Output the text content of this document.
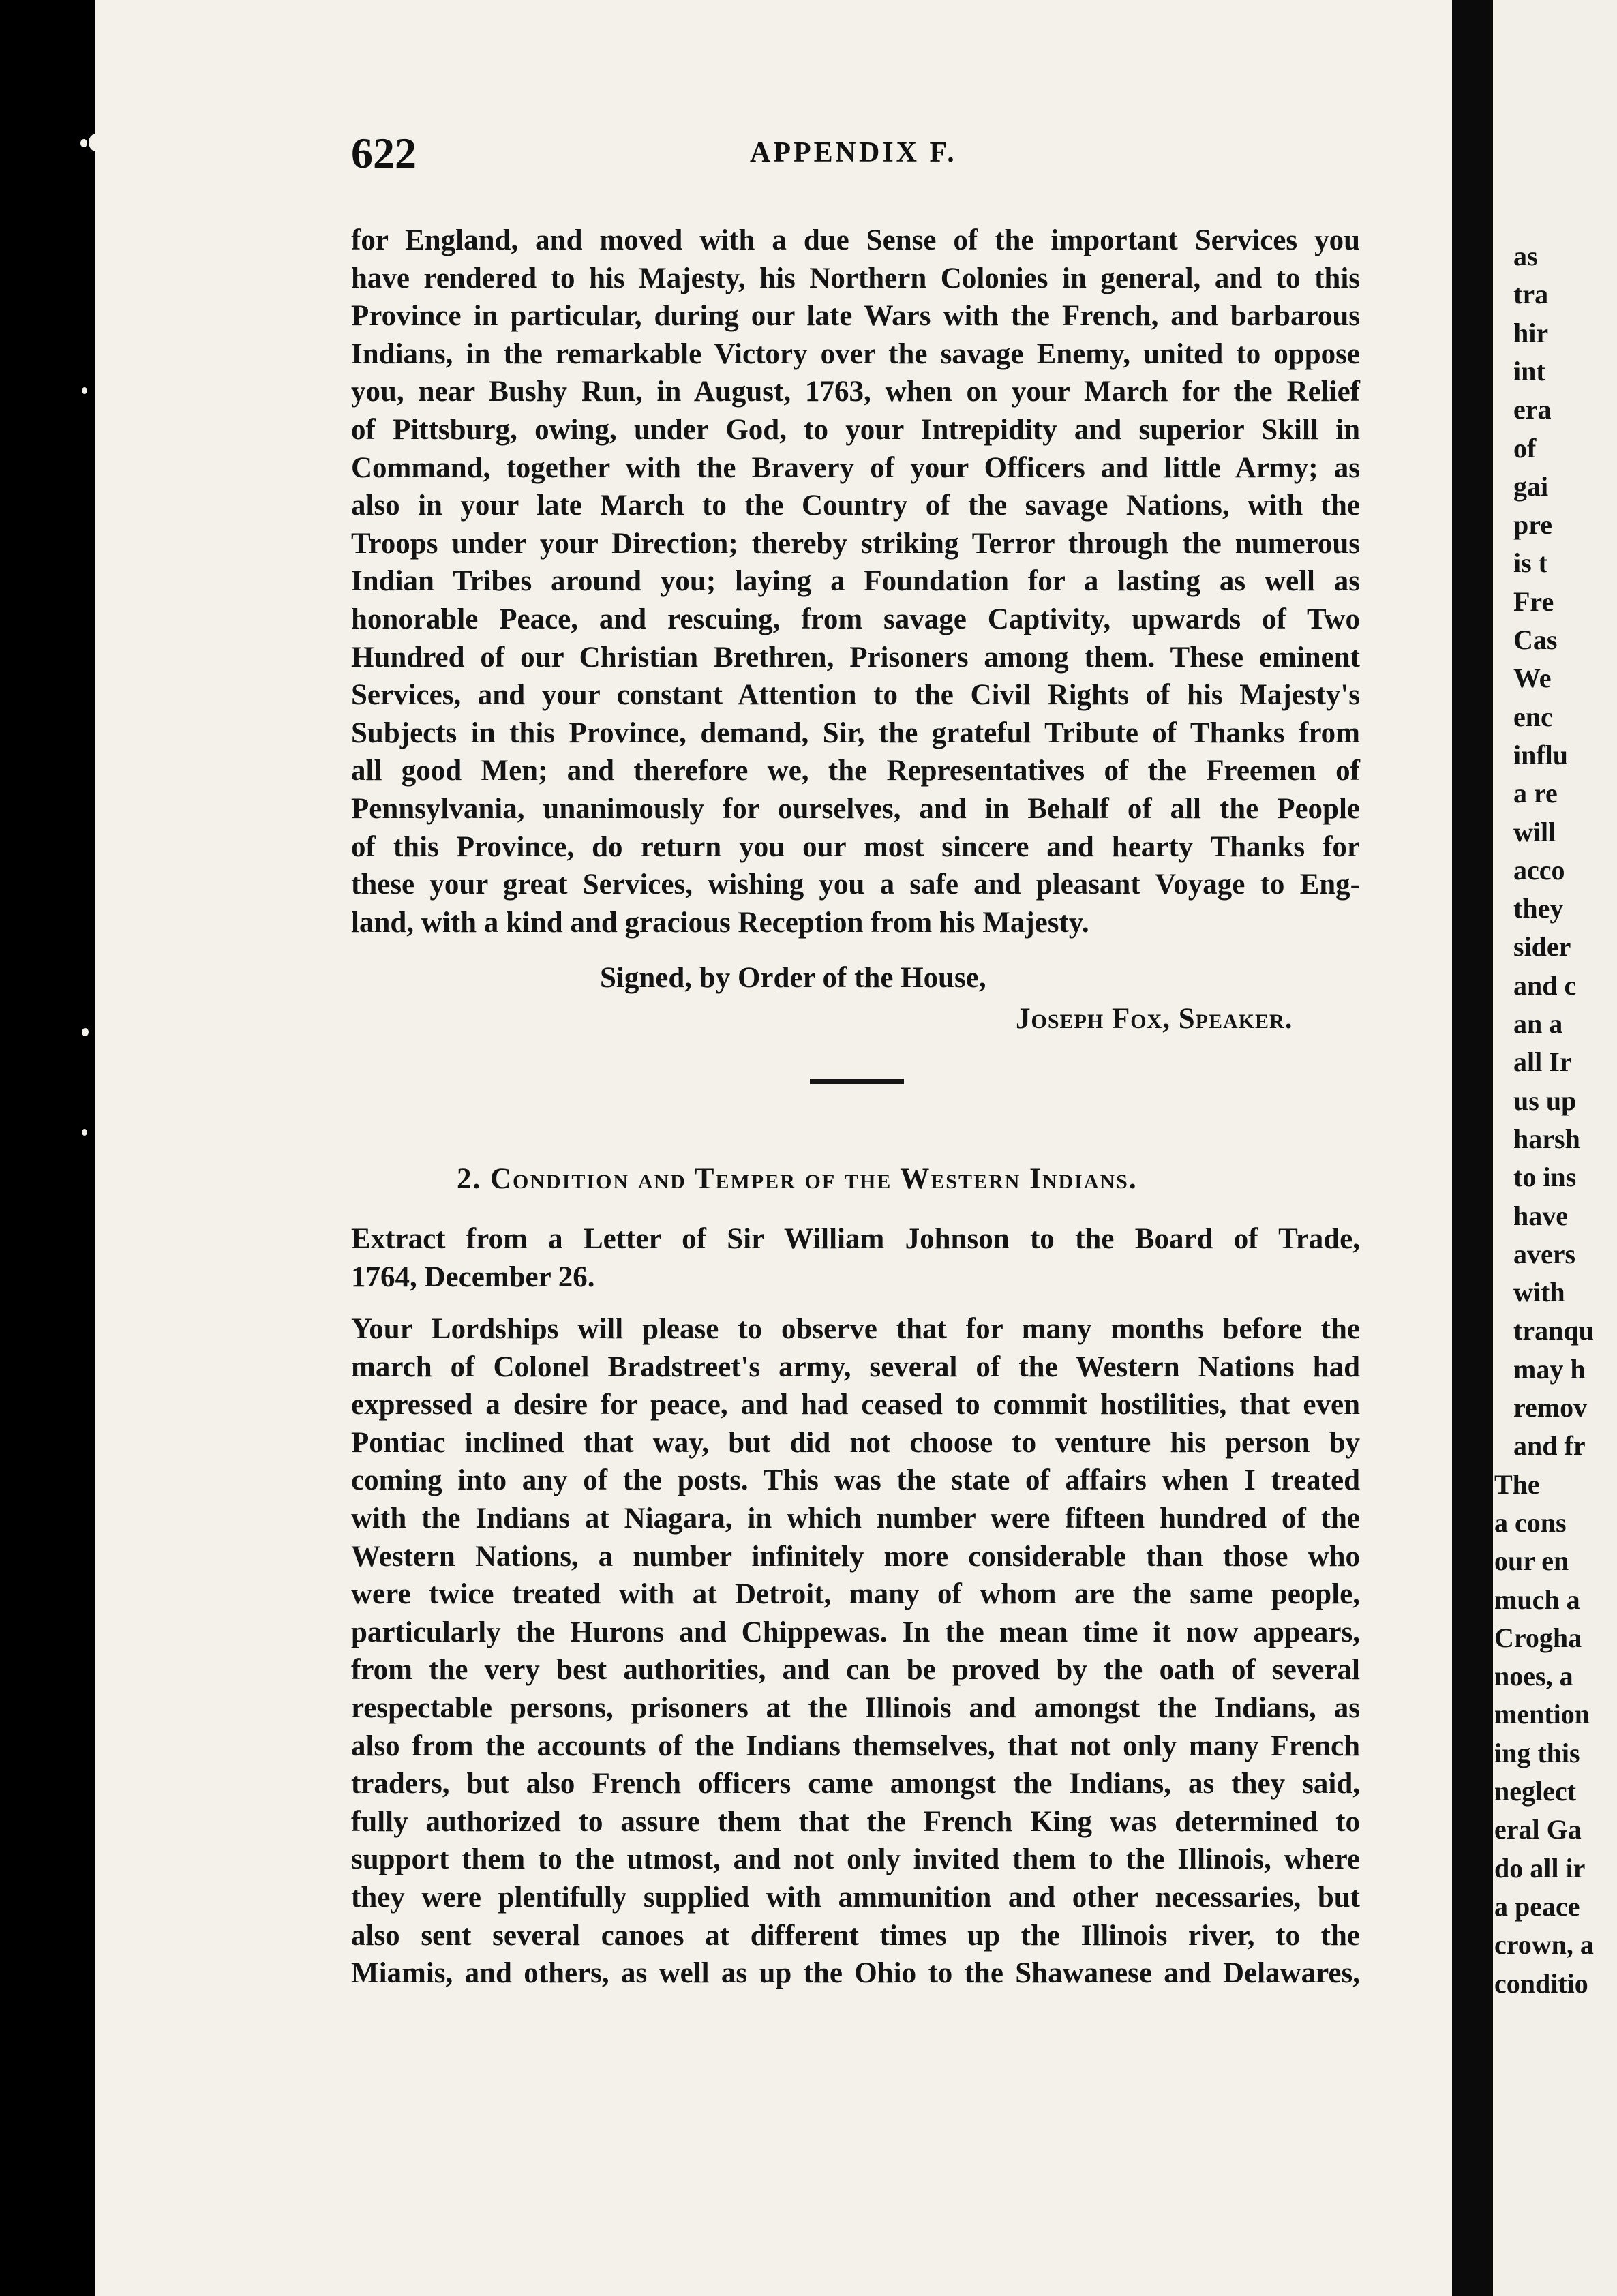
622	APPENDIX F.
for England, and moved with a due Sense of the important Services you
have rendered to his Majesty, his Northern Colonies in general, and to this
Province in particular, during our late Wars with the French, and barbarous
Indians, in the remarkable Victory over the savage Enemy, united to oppose
you, near Bushy Run, in August, 1763, when on your March for the Relief
of Pittsburg, owing, under God, to your Intrepidity and superior Skill in
Command, together with the Bravery of your Officers and little Army; as
also in your late March to the Country of the savage Nations, with the
Troops under your Direction; thereby striking Terror through the numerous
Indian Tribes around you; laying a Foundation for a lasting as well as
honorable Peace, and rescuing, from savage Captivity, upwards of Two
Hundred of our Christian Brethren, Prisoners among them. These eminent
Services, and your constant Attention to the Civil Rights of his Majesty's
Subjects in this Province, demand, Sir, the grateful Tribute of Thanks from
all good Men; and therefore we, the Representatives of the Freemen of
Pennsylvania, unanimously for ourselves, and in Behalf of all the People
of this Province, do return you our most sincere and hearty Thanks for
these your great Services, wishing you a safe and pleasant Voyage to Eng-
land, with a kind and gracious Reception from his Majesty.
Signed, by Order of the House,
Joseph Fox, Speaker.
2. Condition and Temper of the Western Indians.
Extract from a Letter of Sir William Johnson to the Board of Trade,
1764, December 26.
Your Lordships will please to observe that for many months before the
march of Colonel Bradstreet's army, several of the Western Nations had
expressed a desire for peace, and had ceased to commit hostilities, that even
Pontiac inclined that way, but did not choose to venture his person by
coming into any of the posts. This was the state of affairs when I treated
with the Indians at Niagara, in which number were fifteen hundred of the
Western Nations, a number infinitely more considerable than those who
were twice treated with at Detroit, many of whom are the same people,
particularly the Hurons and Chippewas. In the mean time it now appears,
from the very best authorities, and can be proved by the oath of several
respectable persons, prisoners at the Illinois and amongst the Indians, as
also from the accounts of the Indians themselves, that not only many French
traders, but also French officers came amongst the Indians, as they said,
fully authorized to assure them that the French King was determined to
support them to the utmost, and not only invited them to the Illinois, where
they were plentifully supplied with ammunition and other necessaries, but
also sent several canoes at different times up the Illinois river, to the
Miamis, and others, as well as up the Ohio to the Shawanese and Delawares,
as
tra
hir
int
era
of
gai
pre
is t
Fre
Cas
We
enc
influ
a re
will
acco
they
sider
and c
an a
all Ir
us up
harsh
to ins
have
avers
with
tranqu
may h
remov
and fr
The
a cons
our en
much a
Crogha
noes, a
mention
ing this
neglect
eral Ga
do all ir
a peace
crown, a
conditio
